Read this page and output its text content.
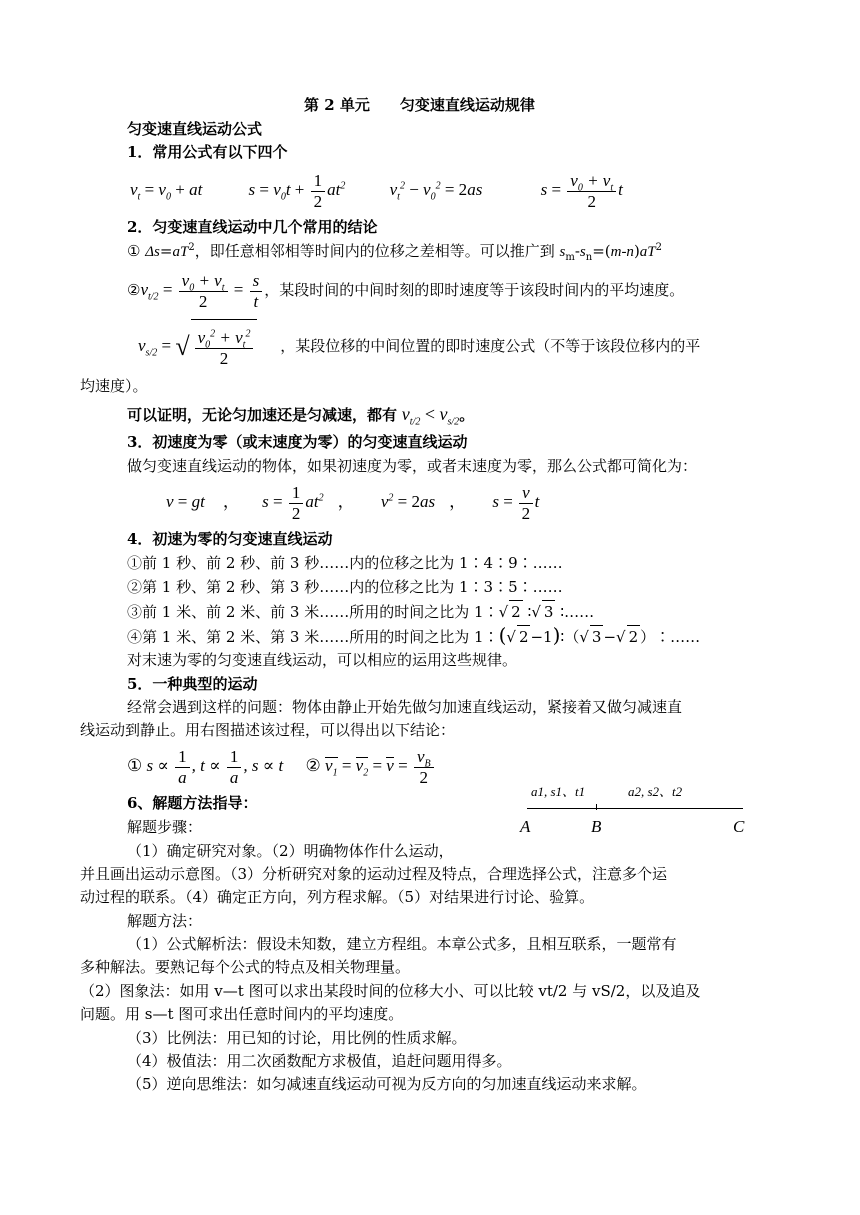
第 2 单元　　匀变速直线运动规律
匀变速直线运动公式
1．常用公式有以下四个
$v_t = v_0$ + at	$s = v_0t + \frac{1}{2} at^2$	$v_t^2 - v_0^2 = 2as$	$s = \frac{v_0 + v_t}{2}$ t
2．匀变速直线运动中几个常用的结论
① $\Delta s=aT^2$，即任意相邻相等时间内的位移之差相等。可以推广到 $s_m-s_n=(m-n)aT^2$
$②v_{t/2} = \frac{v_0 + v_t}{2} = \frac{s}{t}$ ，某段时间的中间时刻的即时速度等于该段时间内的平均速度。
$v_{s/2}$ = √ $\frac{v_0^2 + v_t^2}{2}$ ，某段位移的中间位置的即时速度公式（不等于该段位移内的平
均速度）。
可以证明，无论匀加速还是匀减速，都有 $v_{t/2} < v_{s/2}$。
3．初速度为零（或末速度为零）的匀变速直线运动
做匀变速直线运动的物体，如果初速度为零，或者末速度为零，那么公式都可简化为：
v = gt ， $s = \frac{1}{2} at^2$ ， $v^2 = 2as$ ， $s = \frac{v}{2}$ t
4．初速为零的匀变速直线运动
①前 1 秒、前 2 秒、前 3 秒……内的位移之比为 1∶4∶9∶……
②第 1 秒、第 2 秒、第 3 秒……内的位移之比为 1∶3∶5∶……
③前 1 米、前 2 米、前 3 米……所用的时间之比为 1∶√ 2 ∶√ 3 ∶……
④第 1 米、第 2 米、第 3 米……所用的时间之比为 1∶(√ 2 −1)∶（√ 3 −√ 2 ）∶……
对末速为零的匀变速直线运动，可以相应的运用这些规律。
5．一种典型的运动
经常会遇到这样的问题：物体由静止开始先做匀加速直线运动，紧接着又做匀减速直
线运动到静止。用右图描述该过程，可以得出以下结论：
① $s \propto \frac{1}{a}$ , $t \propto \frac{1}{a}$ , s ∝ t ② $v_1 = v_2 = v = \frac{v_B}{2}$
a1, s1、t1	a2, s2、t2
A	B	C
6、解题方法指导：
解题步骤：
（1）确定研究对象。（2）明确物体作什么运动，
并且画出运动示意图。（3）分析研究对象的运动过程及特点，合理选择公式，注意多个运
动过程的联系。（4）确定正方向，列方程求解。（5）对结果进行讨论、验算。
解题方法：
（1）公式解析法：假设未知数，建立方程组。本章公式多，且相互联系，一题常有
多种解法。要熟记每个公式的特点及相关物理量。
（2）图象法：如用 v—t 图可以求出某段时间的位移大小、可以比较 vt/2 与 vS/2，以及追及
问题。用 s—t 图可求出任意时间内的平均速度。
（3）比例法：用已知的讨论，用比例的性质求解。
（4）极值法：用二次函数配方求极值，追赶问题用得多。
（5）逆向思维法：如匀减速直线运动可视为反方向的匀加速直线运动来求解。
